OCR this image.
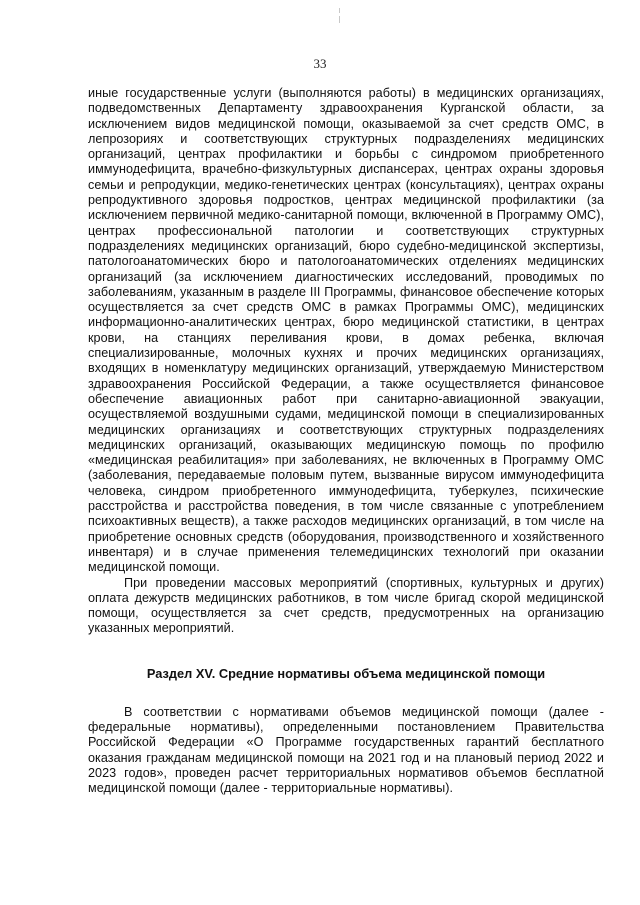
33

иные государственные услуги (выполняются работы) в медицинских организациях, подведомственных Департаменту здравоохранения Курганской области, за исключением видов медицинской помощи, оказываемой за счет средств ОМС, в лепрозориях и соответствующих структурных подразделениях медицинских организаций, центрах профилактики и борьбы с синдромом приобретенного иммунодефицита, врачебно-физкультурных диспансерах, центрах охраны здоровья семьи и репродукции, медико-генетических центрах (консультациях), центрах охраны репродуктивного здоровья подростков, центрах медицинской профилактики (за исключением первичной медико-санитарной помощи, включенной в Программу ОМС), центрах профессиональной патологии и соответствующих структурных подразделениях медицинских организаций, бюро судебно-медицинской экспертизы, патологоанатомических бюро и патологоанатомических отделениях медицинских организаций (за исключением диагностических исследований, проводимых по заболеваниям, указанным в разделе III Программы, финансовое обеспечение которых осуществляется за счет средств ОМС в рамках Программы ОМС), медицинских информационно-аналитических центрах, бюро медицинской статистики, в центрах крови, на станциях переливания крови, в домах ребенка, включая специализированные, молочных кухнях и прочих медицинских организациях, входящих в номенклатуру медицинских организаций, утверждаемую Министерством здравоохранения Российской Федерации, а также осуществляется финансовое обеспечение авиационных работ при санитарно-авиационной эвакуации, осуществляемой воздушными судами, медицинской помощи в специализированных медицинских организациях и соответствующих структурных подразделениях медицинских организаций, оказывающих медицинскую помощь по профилю «медицинская реабилитация» при заболеваниях, не включенных в Программу ОМС (заболевания, передаваемые половым путем, вызванные вирусом иммунодефицита человека, синдром приобретенного иммунодефицита, туберкулез, психические расстройства и расстройства поведения, в том числе связанные с употреблением психоактивных веществ), а также расходов медицинских организаций, в том числе на приобретение основных средств (оборудования, производственного и хозяйственного инвентаря) и в случае применения телемедицинских технологий при оказании медицинской помощи.

При проведении массовых мероприятий (спортивных, культурных и других) оплата дежурств медицинских работников, в том числе бригад скорой медицинской помощи, осуществляется за счет средств, предусмотренных на организацию указанных мероприятий.

Раздел XV. Средние нормативы объема медицинской помощи

В соответствии с нормативами объемов медицинской помощи (далее - федеральные нормативы), определенными постановлением Правительства Российской Федерации «О Программе государственных гарантий бесплатного оказания гражданам медицинской помощи на 2021 год и на плановый период 2022 и 2023 годов», проведен расчет территориальных нормативов объемов бесплатной медицинской помощи (далее - территориальные нормативы).
